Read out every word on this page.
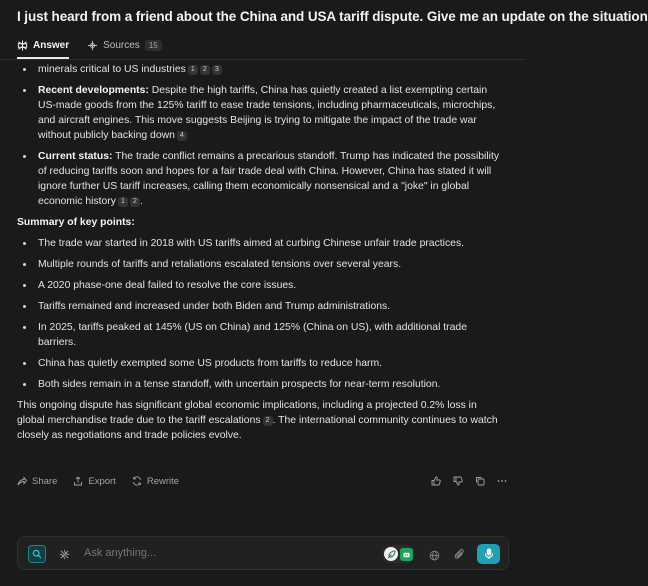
I just heard from a friend about the China and USA tariff dispute. Give me an update on the situation
Answer	Sources	15
minerals critical to US industries 1 2 3
Recent developments: Despite the high tariffs, China has quietly created a list exempting certain US-made goods from the 125% tariff to ease trade tensions, including pharmaceuticals, microchips, and aircraft engines. This move suggests Beijing is trying to mitigate the impact of the trade war without publicly backing down 4
Current status: The trade conflict remains a precarious standoff. Trump has indicated the possibility of reducing tariffs soon and hopes for a fair trade deal with China. However, China has stated it will ignore further US tariff increases, calling them economically nonsensical and a "joke" in global economic history 1 2 .

Summary of key points:

The trade war started in 2018 with US tariffs aimed at curbing Chinese unfair trade practices.
Multiple rounds of tariffs and retaliations escalated tensions over several years.
A 2020 phase-one deal failed to resolve the core issues.
Tariffs remained and increased under both Biden and Trump administrations.
In 2025, tariffs peaked at 145% (US on China) and 125% (China on US), with additional trade barriers.
China has quietly exempted some US products from tariffs to reduce harm.
Both sides remain in a tense standoff, with uncertain prospects for near-term resolution.

This ongoing dispute has significant global economic implications, including a projected 0.2% loss in global merchandise trade due to the tariff escalations 2 . The international community continues to watch closely as negotiations and trade policies evolve.

Share	Export	Rewrite
Ask anything...
